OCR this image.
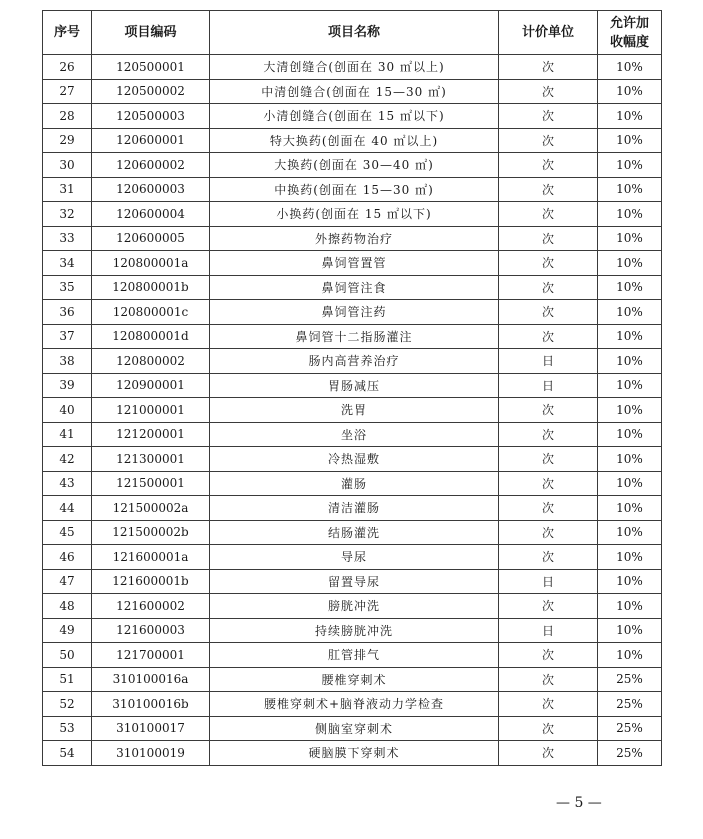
序号	项目编码	项目名称	计价单位	允许加
收幅度

26	120500001	大清创缝合(创面在 30 ㎡以上)	次	10%
27	120500002	中清创缝合(创面在 15—30 ㎡)	次	10%
28	120500003	小清创缝合(创面在 15 ㎡以下)	次	10%
29	120600001	特大换药(创面在 40 ㎡以上)	次	10%
30	120600002	大换药(创面在 30—40 ㎡)	次	10%
31	120600003	中换药(创面在 15—30 ㎡)	次	10%
32	120600004	小换药(创面在 15 ㎡以下)	次	10%
33	120600005	外擦药物治疗	次	10%
34	120800001a	鼻饲管置管	次	10%
35	120800001b	鼻饲管注食	次	10%
36	120800001c	鼻饲管注药	次	10%
37	120800001d	鼻饲管十二指肠灌注	次	10%
38	120800002	肠内高营养治疗	日	10%
39	120900001	胃肠减压	日	10%
40	121000001	洗胃	次	10%
41	121200001	坐浴	次	10%
42	121300001	冷热湿敷	次	10%
43	121500001	灌肠	次	10%
44	121500002a	清洁灌肠	次	10%
45	121500002b	结肠灌洗	次	10%
46	121600001a	导尿	次	10%
47	121600001b	留置导尿	日	10%
48	121600002	膀胱冲洗	次	10%
49	121600003	持续膀胱冲洗	日	10%
50	121700001	肛管排气	次	10%
51	310100016a	腰椎穿刺术	次	25%
52	310100016b	腰椎穿刺术+脑脊液动力学检查	次	25%
53	310100017	侧脑室穿刺术	次	25%
54	310100019	硬脑膜下穿刺术	次	25%
— 5 —
